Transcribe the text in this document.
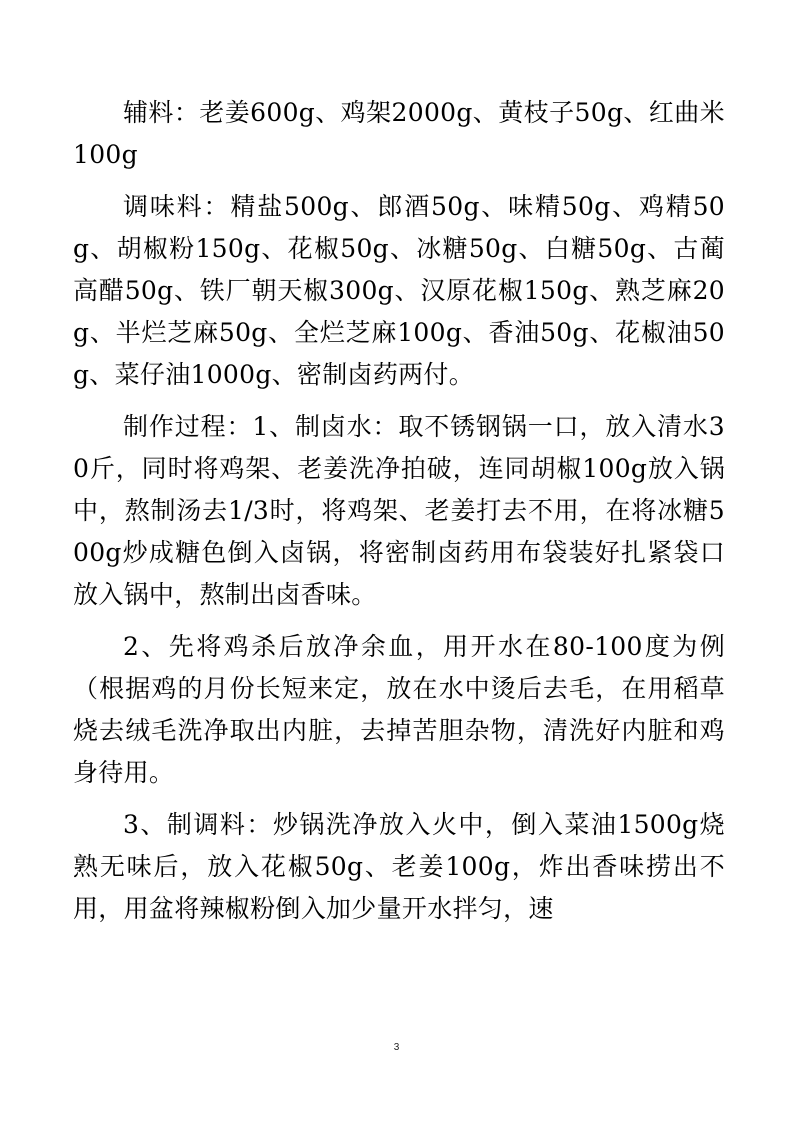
辅料：老姜600g、鸡架2000g、黄枝子50g、红曲米100g

调味料：精盐500g、郎酒50g、味精50g、鸡精50g、胡椒粉150g、花椒50g、冰糖50g、白糖50g、古蔺高醋50g、铁厂朝天椒300g、汉原花椒150g、熟芝麻20g、半烂芝麻50g、全烂芝麻100g、香油50g、花椒油50g、菜仔油1000g、密制卤药两付。

制作过程：1、制卤水：取不锈钢锅一口，放入清水30斤，同时将鸡架、老姜洗净拍破，连同胡椒100g放入锅中，熬制汤去1/3时，将鸡架、老姜打去不用，在将冰糖500g炒成糖色倒入卤锅，将密制卤药用布袋装好扎紧袋口放入锅中，熬制出卤香味。

2、先将鸡杀后放净余血，用开水在80-100度为例（根据鸡的月份长短来定，放在水中烫后去毛，在用稻草烧去绒毛洗净取出内脏，去掉苦胆杂物，清洗好内脏和鸡身待用。

3、制调料：炒锅洗净放入火中，倒入菜油1500g烧熟无味后，放入花椒50g、老姜100g，炸出香味捞出不用，用盆将辣椒粉倒入加少量开水拌匀，速

3
